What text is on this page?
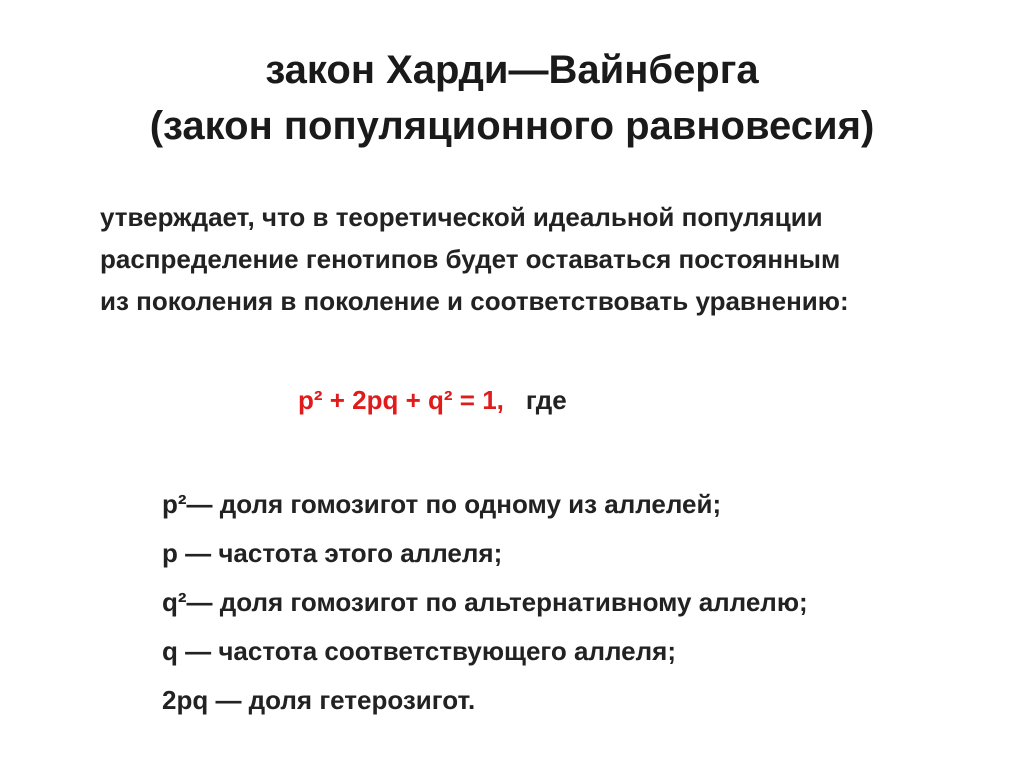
закон Харди—Вайнберга
(закон популяционного равновесия)
утверждает, что в теоретической идеальной популяции
распределение генотипов будет оставаться постоянным
из поколения в поколение и соответствовать уравнению:
p² + 2pq + q² = 1, где
p²— доля гомозигот по одному из аллелей;
p — частота этого аллеля;
q²— доля гомозигот по альтернативному аллелю;
q — частота соответствующего аллеля;
2pq — доля гетерозигот.
